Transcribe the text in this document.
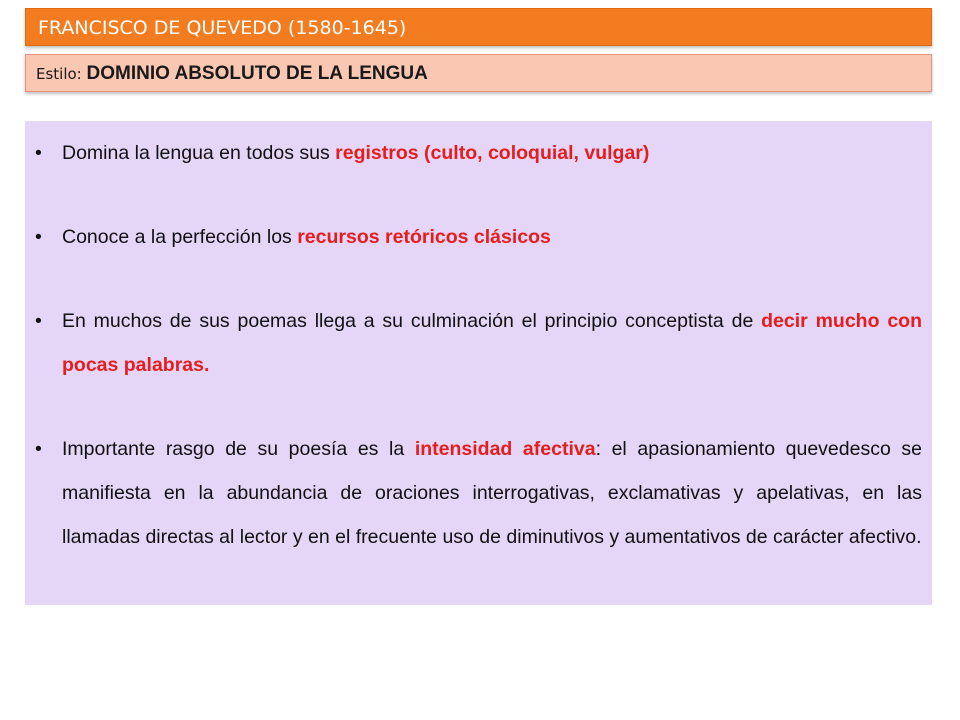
FRANCISCO DE QUEVEDO (1580-1645)
Estilo: DOMINIO ABSOLUTO DE LA LENGUA
• Domina la lengua en todos sus registros (culto, coloquial, vulgar)
• Conoce a la perfección los recursos retóricos clásicos
• En muchos de sus poemas llega a su culminación el principio conceptista de decir mucho con pocas palabras.
• Importante rasgo de su poesía es la intensidad afectiva: el apasionamiento quevedesco se manifiesta en la abundancia de oraciones interrogativas, exclamativas y apelativas, en las llamadas directas al lector y en el frecuente uso de diminutivos y aumentativos de carácter afectivo.
